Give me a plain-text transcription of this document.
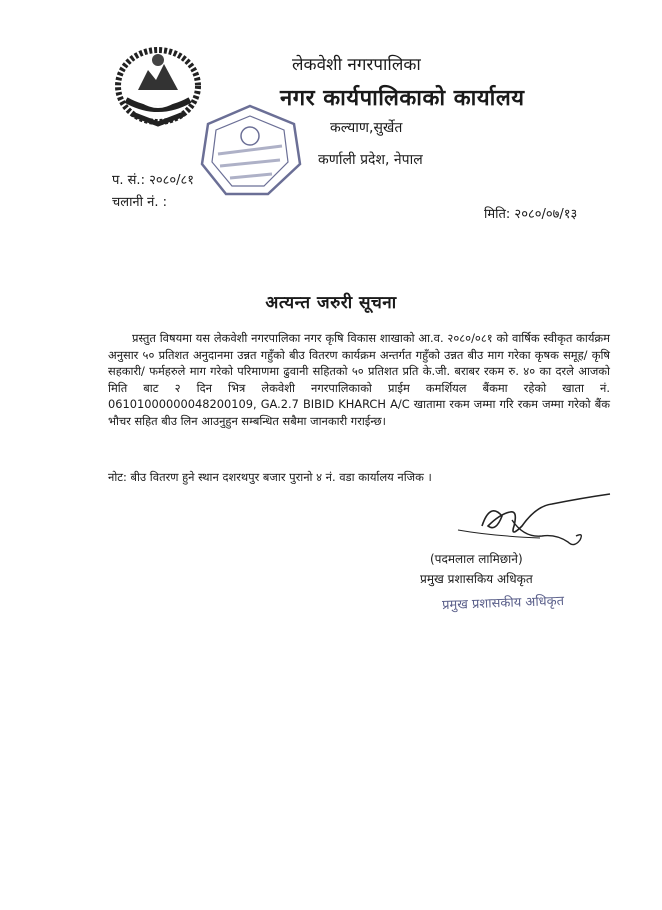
लेकवेशी नगरपालिका
नगर कार्यपालिकाको कार्यालय
कल्याण,सुर्खेत
कर्णाली प्रदेश, नेपाल
प. सं.: २०८०/८१
चलानी नं. :
मिति: २०८०/०७/१३
अत्यन्त जरुरी सूचना

प्रस्तुत विषयमा यस लेकवेशी नगरपालिका नगर कृषि विकास शाखाको आ.व. २०८०/०८१ को वार्षिक स्वीकृत कार्यक्रम अनुसार ५० प्रतिशत अनुदानमा उन्नत गहुँको बीउ वितरण कार्यक्रम अन्तर्गत गहुँको उन्नत बीउ माग गरेका कृषक समूह/ कृषि सहकारी/ फर्महरुले माग गरेको परिमाणमा ढुवानी सहितको ५० प्रतिशत प्रति के.जी. बराबर रकम रु. ४० का दरले आजको मिति बाट २ दिन भित्र लेकवेशी नगरपालिकाको प्राईम कमर्शियल बैंकमा रहेको खाता नं. 06101000000048200109, GA.2.7 BIBID KHARCH A/C खातामा रकम जम्मा गरि रकम जम्मा गरेको बैंक भौचर सहित बीउ लिन आउनुहुन सम्बन्धित सबैमा जानकारी गराईन्छ।

नोट: बीउ वितरण हुने स्थान दशरथपुर बजार पुरानो ४ नं. वडा कार्यालय नजिक ।
(पदमलाल लामिछाने)
प्रमुख प्रशासकिय अधिकृत
प्रमुख प्रशासकीय अधिकृत
